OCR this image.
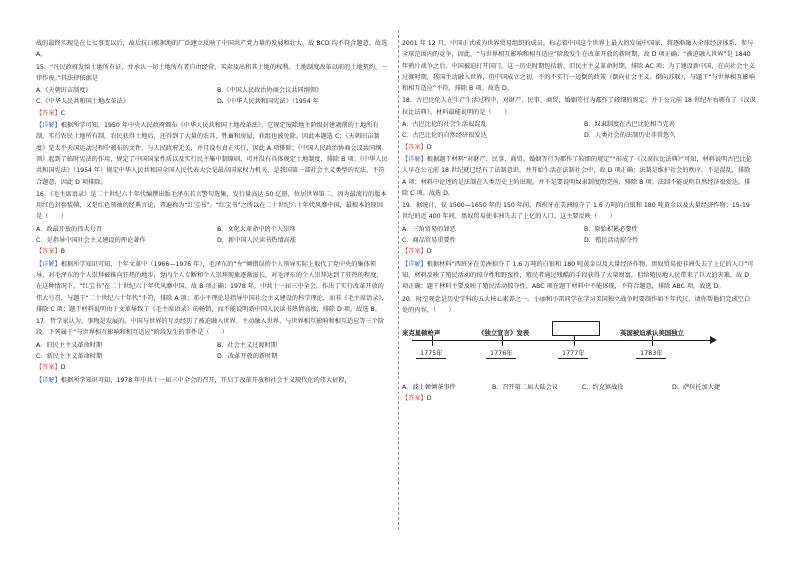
战的最终实现是在七七事变以后，故后抗日根据地的广泛建立反映了中国共产党力量的发展和壮大，故 BCD 均不符合题意。故选 A。

15．“凡民政府发给土地所有证，并承认一切土地所有者自由经营、买卖及出租其土地的权利。土地制度改革以前的土地契约，一律作废。”其法律依据是

A.《天朝田亩制度》	B.《中国人民政治协商会议共同纲领》
C.《中华人民共和国土地改革法》	D.《中华人民共和国宪法》（1954 年

【答案】C

【详解】根据所学可知，1950 年中央人民政府颁布《中华人民共和国土地改革法》，它规定废除地主阶级封建剥削的土地所有制，实行农民土地所有制，农民获得土地后，还得到了大量的农具、牲畜和房屋，获组也被免除。因此本题选 C；《天朝田亩制度》是太平天国运动过程中颁布的文件，与人民政府无关，并且没有真正实行，因此 A 项排除；《中国人民政治协商会议共同纲领》起到了临时宪法的作用，规定了中国国家性质以及实行民主集中制原则，可并没有具体规定土地制度，排除 B 项；《中华人民共和国宪法》（1954 年）规定中华人民共和国全国人民代表大会是最高国家权力机关，是我国第一部社会主义类型的宪法，不符合题意，因此 D 项排除。

16．《毛主席语录》是二十世纪六十年代编撰出版毛泽东若言警句选集，发行量高达 50 亿册，位居世界第二，因为最流行的版本用红色封套装帧，又是红色领袖的经典言论，普遍称为“红宝书”。“红宝书”之所以在二十世纪六十年代风靡中国，最根本的原因是（　　）

A．政最开放的伟大号召	B．文化大革命中的个人崇拜
C．是指导中国社会主义建设的理论著作	D．新中国人民读书热情高涨

【答案】B

【详解】根据所学知识可知，十年文革中（1966—1976 年），毛泽东的“左”倾错误的个人领导实际上取代了党中央的集体领导，对毛泽东的个人崇拜被推向狂热的地步，党内个人专断和个人崇拜现象逐渐滋长，对毛泽东的个人崇拜达到了狂热的程度，在这种情况下，“红宝书”在二十世纪六十年代风靡中国，故 B 项正确；1978 年，中共十一届三中全会，作出了实行改革开放的伟大号召，与题干“二十世纪六十年代”不符，排除 A 项；邓小平理论是指导中国社会主义建设的科学理论，而非《毛主席语录》，排除 C 项；题干材料说明由于文革导致了《毛主席语录》的畅销，而不能说明新中国人民读书热情高涨，排除 D 项。故选 B。

17．哲学家认为，事物是发展的。中国与世界的互动经历了被迫融入世界、主动融入世界、与世界相互影响和相互适应等三个阶段。下列属于“与世界相互影响和相互适应”阶段发生的事件是（　　）

A．旧民主主义革命时期	B．社会主义过渡时期
C．新民主主义革命时期	D．改革开放的新时期

【答案】D

【详解】根据所学知识可知，1978 年中共十一届三中全会的召开，开启了改革开放和社会主义现代化的伟大征程，

2001 年 12 月，中国正式成为世界贸易组织的成员，标志着中国这个世界上最大的发展中国家，将逐渐融入全球经济体系，参与全球范围内的竞争，因此，“与世界相互影响和相互适应”阶段发生在改革开放的新时期，故 D 项正确；“被迫融入世界”是 1840 年鸦片战争之后，中国被迫打开国门，这一历史时期包括新、旧民主主义革命时期，排除 AC 项；为了建设新中国，在向社会主义过渡时期，我国主动融入世界，但中国成立之初，不的不实行一边倒的政策（倒向社会主义、倒向苏联），与题干“与世界相互影响和相互适应”不符，排除 B 项。故选 D。

18．古巴比伦人在生产生活过程中，对財产、民事、商贸、婚姻等行为都作了较细的规定，并于公元前 18 世纪左右颁布了《汉谟拉比法典》。材料最能说明的是（　　）

A．古巴比伦的社会生活很混乱	B．奴隶制度在古巴比伦相当完善
C．古巴比伦的自然经济很发达	D．人类社会的法制历史非常悠久

【答案】D

【详解】根据题干材料“对財产、民事、商贸、婚姻等行为都作了较细的规定”“形成了《汉谟拉比法典》”可知，材料说明古巴比伦人早在公元前 18 世纪就已经有了法制意识，并开始生活在法制社会中，故 D 项正确；法制是维护社会的秩序，不是混乱，排除 A 项；材料中论述的是法制在人类历史上的出现，并不是要说明奴隶制度的完善，排除 B 项；法制不能说明自然经济很发达，排除 C 项。故选 D。

19．据统计，仅 1500—1650 年的 150 年间，西班牙在美洲掠夺了 1.6 万吨的白银和 180 吨黄金以及大量经济作物；15-19 世纪的近 400 年间，黑奴贸易使非洲失去了上亿的人口。这主要反映（　　）

A．三角贸易的罪恶	B．原始积累必要性
C．商品贸易重要性	D．殖民活动掠夺性

【答案】D

【详解】根据材料“西班牙在美洲掠夺了 1.6 万吨的白银和 180 吨黄金以及大量经济作物、黑奴贸易使非洲失去了上亿的人口”可知，材料反映了殖民活动的掠夺性和野蛮性，殖民者通过残酷的手段获得了大量财富，但给殖民地人民带来了巨大的灾难，故 D 项正确；题干材料主要反映了殖民活动掠夺性，ABC 项在题干材料中不能体现，不符合题意，排除 ABC 项。故选 D。

20．时空观念是历史学科的五大核心素养之一。小丽和小雷同学在学习美国独立战争时要制作如下年代尺，请你帮他们完成空白处的内容。（　　）

来克星顿枪声	《独立宣言》发表	英国被迫承认美国独立
1775年	1776年	1777年	1783年
A．波士顿倾茶事件	B．召开第二届大陆会议	C．约克镇战役	D．萨拉托加大捷

【答案】D
